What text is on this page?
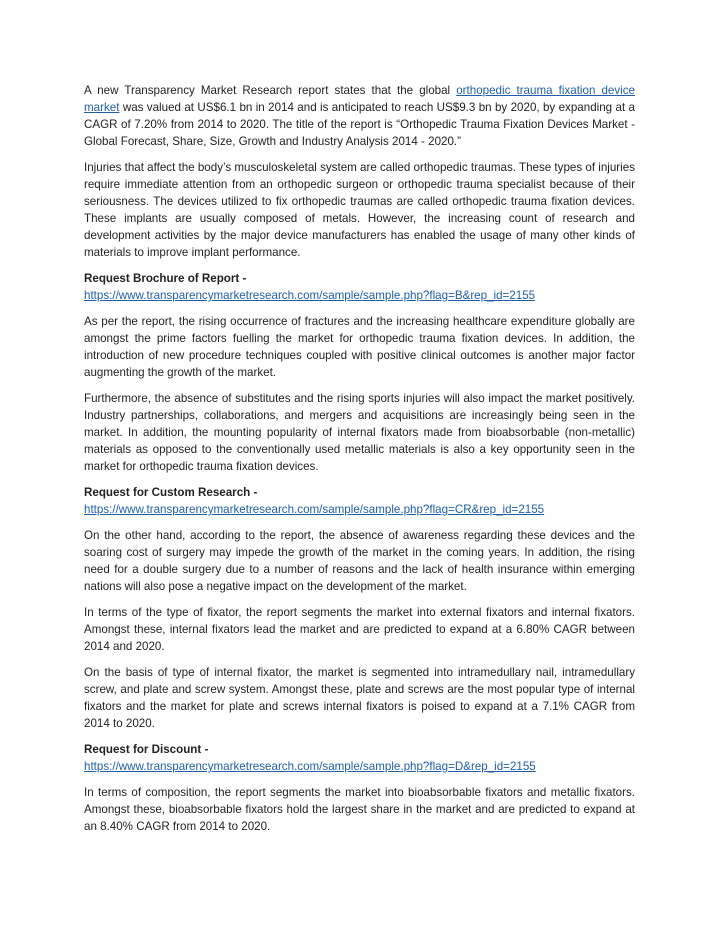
A new Transparency Market Research report states that the global orthopedic trauma fixation device market was valued at US$6.1 bn in 2014 and is anticipated to reach US$9.3 bn by 2020, by expanding at a CAGR of 7.20% from 2014 to 2020. The title of the report is “Orthopedic Trauma Fixation Devices Market - Global Forecast, Share, Size, Growth and Industry Analysis 2014 - 2020.”

Injuries that affect the body’s musculoskeletal system are called orthopedic traumas. These types of injuries require immediate attention from an orthopedic surgeon or orthopedic trauma specialist because of their seriousness. The devices utilized to fix orthopedic traumas are called orthopedic trauma fixation devices. These implants are usually composed of metals. However, the increasing count of research and development activities by the major device manufacturers has enabled the usage of many other kinds of materials to improve implant performance.

Request Brochure of Report -
https://www.transparencymarketresearch.com/sample/sample.php?flag=B&rep_id=2155

As per the report, the rising occurrence of fractures and the increasing healthcare expenditure globally are amongst the prime factors fuelling the market for orthopedic trauma fixation devices. In addition, the introduction of new procedure techniques coupled with positive clinical outcomes is another major factor augmenting the growth of the market.

Furthermore, the absence of substitutes and the rising sports injuries will also impact the market positively. Industry partnerships, collaborations, and mergers and acquisitions are increasingly being seen in the market. In addition, the mounting popularity of internal fixators made from bioabsorbable (non-metallic) materials as opposed to the conventionally used metallic materials is also a key opportunity seen in the market for orthopedic trauma fixation devices.

Request for Custom Research -
https://www.transparencymarketresearch.com/sample/sample.php?flag=CR&rep_id=2155

On the other hand, according to the report, the absence of awareness regarding these devices and the soaring cost of surgery may impede the growth of the market in the coming years. In addition, the rising need for a double surgery due to a number of reasons and the lack of health insurance within emerging nations will also pose a negative impact on the development of the market.

In terms of the type of fixator, the report segments the market into external fixators and internal fixators. Amongst these, internal fixators lead the market and are predicted to expand at a 6.80% CAGR between 2014 and 2020.

On the basis of type of internal fixator, the market is segmented into intramedullary nail, intramedullary screw, and plate and screw system. Amongst these, plate and screws are the most popular type of internal fixators and the market for plate and screws internal fixators is poised to expand at a 7.1% CAGR from 2014 to 2020.

Request for Discount -
https://www.transparencymarketresearch.com/sample/sample.php?flag=D&rep_id=2155

In terms of composition, the report segments the market into bioabsorbable fixators and metallic fixators. Amongst these, bioabsorbable fixators hold the largest share in the market and are predicted to expand at an 8.40% CAGR from 2014 to 2020.
